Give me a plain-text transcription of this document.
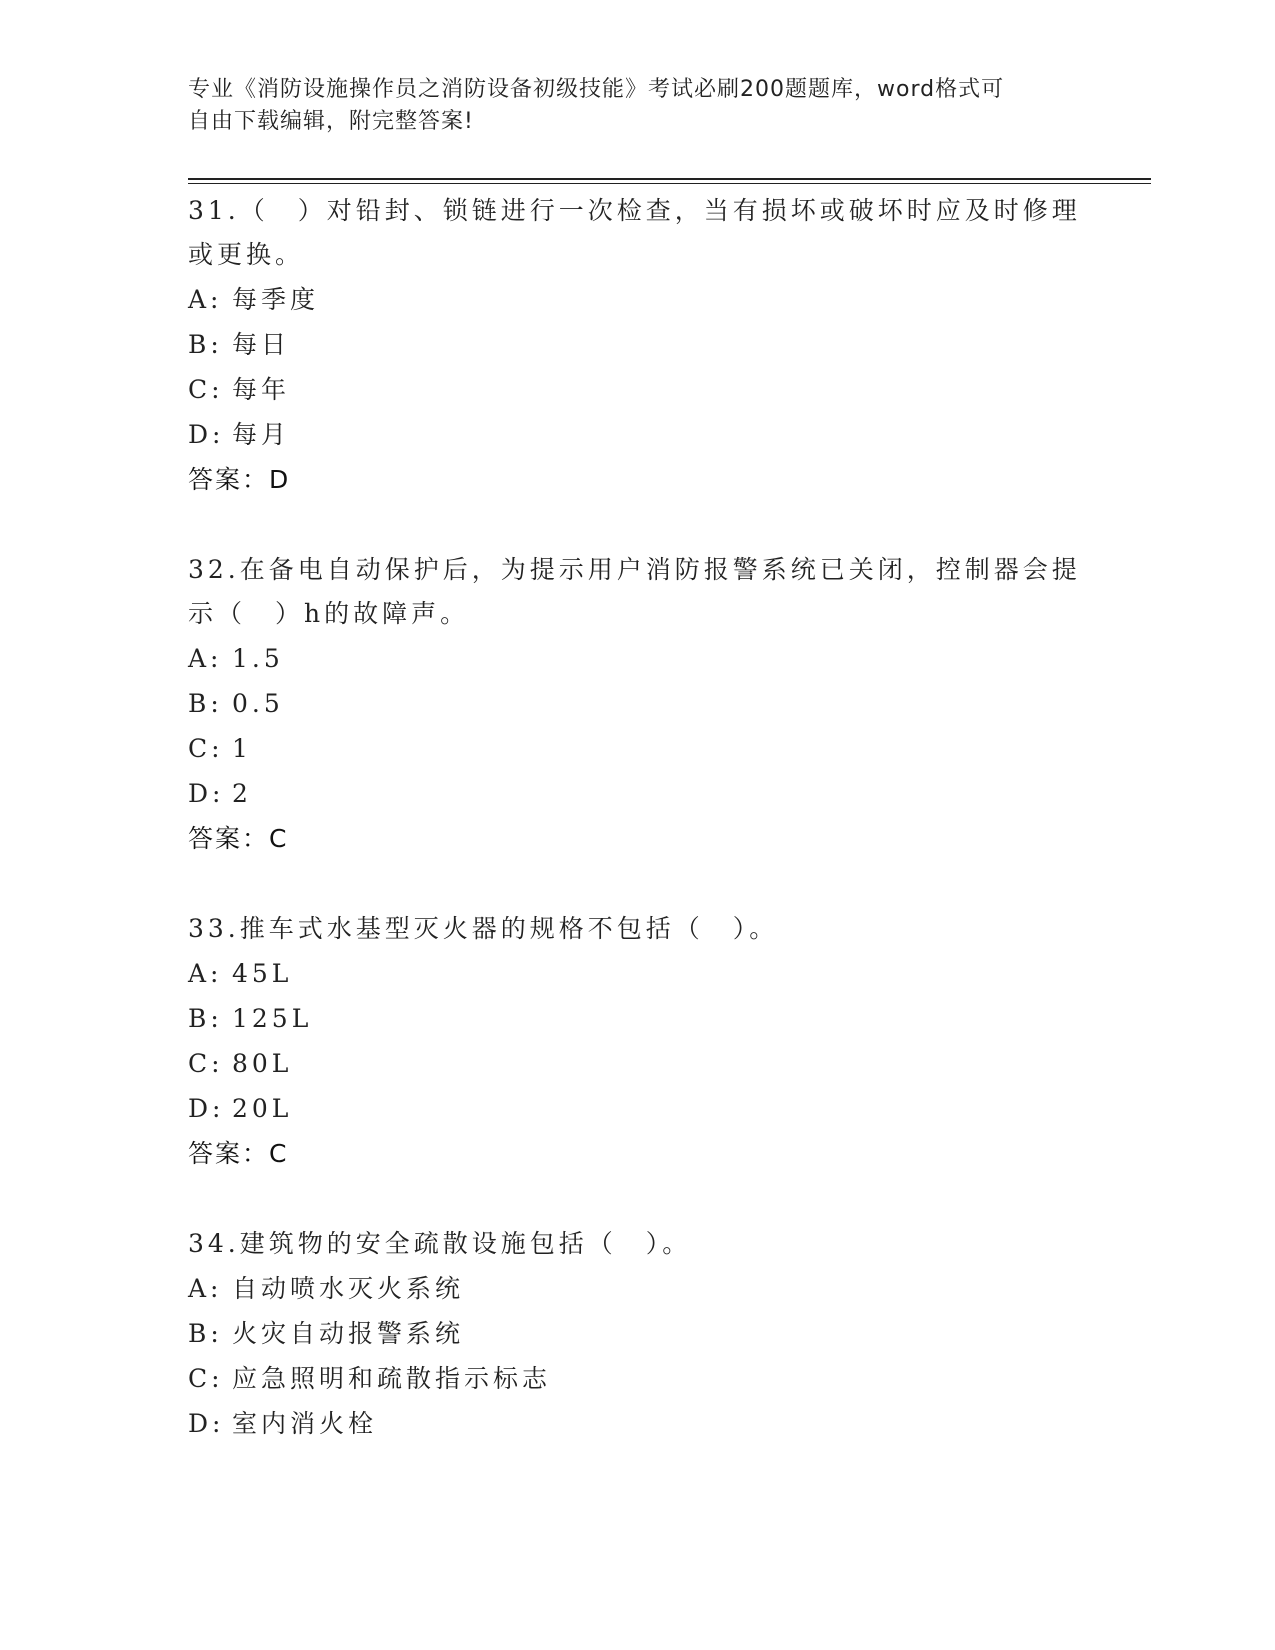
专业《消防设施操作员之消防设备初级技能》考试必刷200题题库，word格式可
自由下载编辑，附完整答案!

31.（　）对铅封、锁链进行一次检查，当有损坏或破坏时应及时修理或更换。

A: 每季度

B: 每日

C: 每年

D: 每月

答案：D

32.在备电自动保护后，为提示用户消防报警系统已关闭，控制器会提示（　）h的故障声。

A: 1.5

B: 0.5

C: 1

D: 2

答案：C

33.推车式水基型灭火器的规格不包括（　）。

A: 45L

B: 125L

C: 80L

D: 20L

答案：C

34.建筑物的安全疏散设施包括（　）。

A: 自动喷水灭火系统

B: 火灾自动报警系统

C: 应急照明和疏散指示标志

D: 室内消火栓
